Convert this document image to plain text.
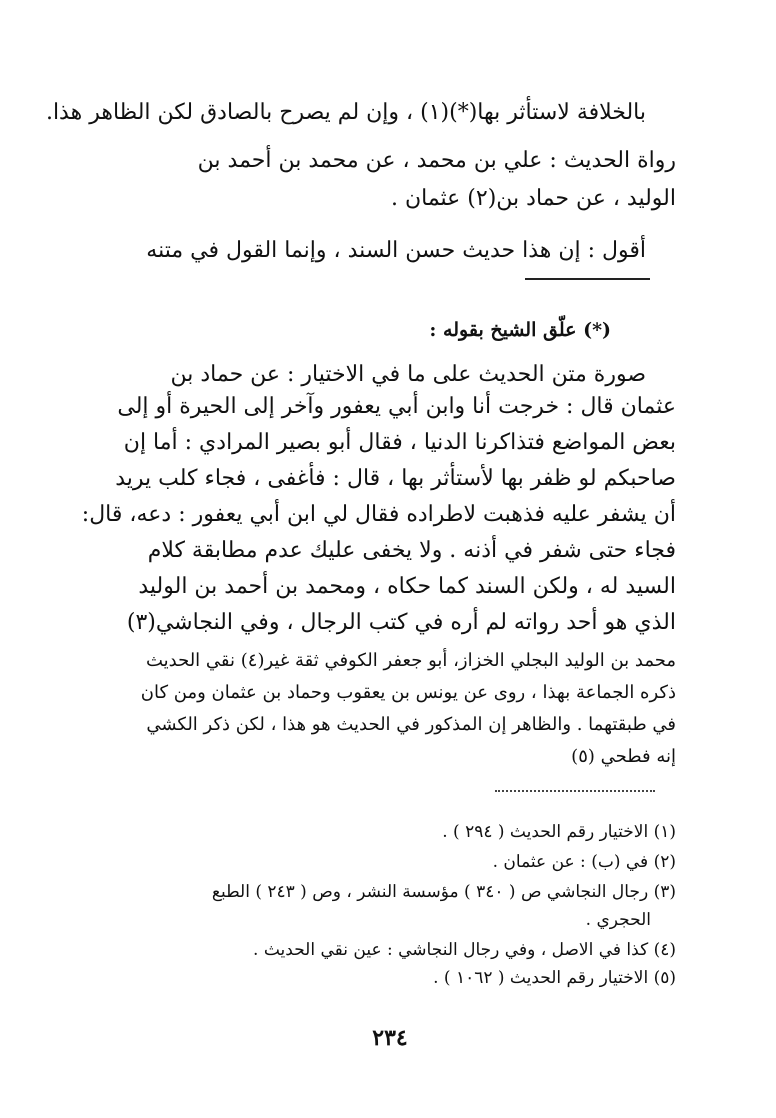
بالخلافة لاستأثر بها(*)(١) ، وإن لم يصرح بالصادق لكن الظاهر هذا.
رواة الحديث : علي بن محمد ، عن محمد بن أحمد بن
الوليد ، عن حماد بن(٢) عثمان .
أقول : إن هذا حديث حسن السند ، وإنما القول في متنه
(*) علّق الشيخ بقوله :
صورة متن الحديث على ما في الاختيار : عن حماد بن
عثمان قال : خرجت أنا وابن أبي يعفور وآخر إلى الحيرة أو إلى
بعض المواضع فتذاكرنا الدنيا ، فقال أبو بصير المرادي : أما إن
صاحبكم لو ظفر بها لأستأثر بها ، قال : فأغفى ، فجاء كلب يريد
أن يشفر عليه فذهبت لاطراده فقال لي ابن أبي يعفور : دعه، قال:
فجاء حتى شفر في أذنه . ولا يخفى عليك عدم مطابقة كلام
السيد له ، ولكن السند كما حكاه ، ومحمد بن أحمد بن الوليد
الذي هو أحد رواته لم أره في كتب الرجال ، وفي النجاشي(٣)
محمد بن الوليد البجلي الخزاز، أبو جعفر الكوفي ثقة غير(٤) نقي الحديث
ذكره الجماعة بهذا ، روى عن يونس بن يعقوب وحماد بن عثمان ومن كان
في طبقتهما . والظاهر إن المذكور في الحديث هو هذا ، لكن ذكر الكشي
إنه فطحي (٥)
(١) الاختيار رقم الحديث ( ٢٩٤ ) .
(٢) في (ب) : عن عثمان .
(٣) رجال النجاشي ص ( ٣٤٠ ) مؤسسة النشر ، وص ( ٢٤٣ ) الطبع
الحجري .
(٤) كذا في الاصل ، وفي رجال النجاشي : عين نقي الحديث .
(٥) الاختيار رقم الحديث ( ١٠٦٢ ) .
٢٣٤
